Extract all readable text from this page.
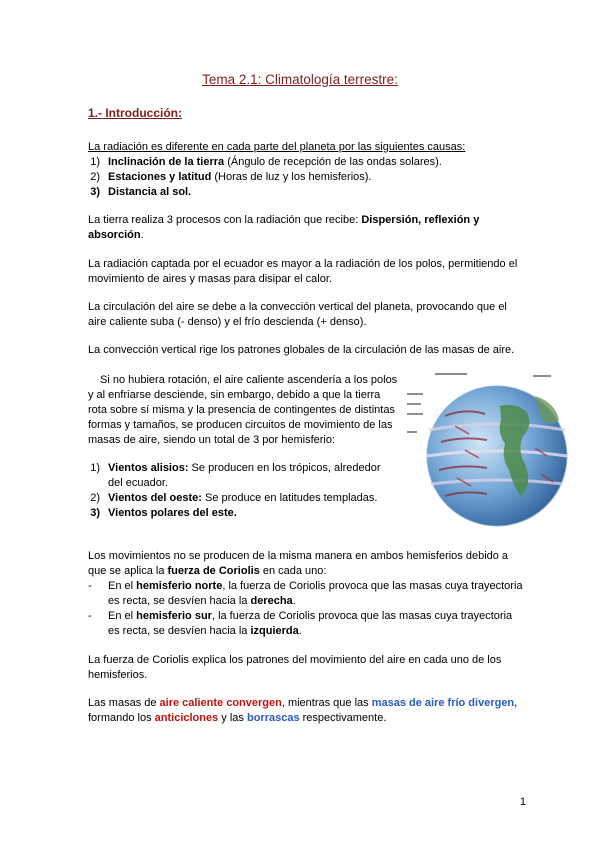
Tema 2.1: Climatología terrestre:
1.- Introducción:
La radiación es diferente en cada parte del planeta por las siguientes causas:
1) Inclinación de la tierra (Ángulo de recepción de las ondas solares).
2) Estaciones y latitud (Horas de luz y los hemisferios).
3) Distancia al sol.
La tierra realiza 3 procesos con la radiación que recibe: Dispersión, reflexión y
absorción.
La radiación captada por el ecuador es mayor a la radiación de los polos, permitiendo el
movimiento de aires y masas para disipar el calor.
La circulación del aire se debe a la convección vertical del planeta, provocando que el
aire caliente suba (- denso) y el frío descienda (+ denso).
La convección vertical rige los patrones globales de la circulación de las masas de aire.
Si no hubiera rotación, el aire caliente ascendería a los polos
y al enfriarse desciende, sin embargo, debido a que la tierra
rota sobre sí misma y la presencia de contingentes de distintas
formas y tamaños, se producen circuitos de movimiento de las
masas de aire, siendo un total de 3 por hemisferio:
1) Vientos alisios: Se producen en los trópicos, alrededor
del ecuador.
2) Vientos del oeste: Se produce en latitudes templadas.
3) Vientos polares del este.
Los movimientos no se producen de la misma manera en ambos hemisferios debido a
que se aplica la fuerza de Coriolis en cada uno:
- En el hemisferio norte, la fuerza de Coriolis provoca que las masas cuya trayectoria
es recta, se desvíen hacia la derecha.
- En el hemisferio sur, la fuerza de Coriolis provoca que las masas cuya trayectoria
es recta, se desvíen hacia la izquierda.
La fuerza de Coriolis explica los patrones del movimiento del aire en cada uno de los
hemisferios.
Las masas de aire caliente convergen, mientras que las masas de aire frío divergen,
formando los anticiclones y las borrascas respectivamente.
1
